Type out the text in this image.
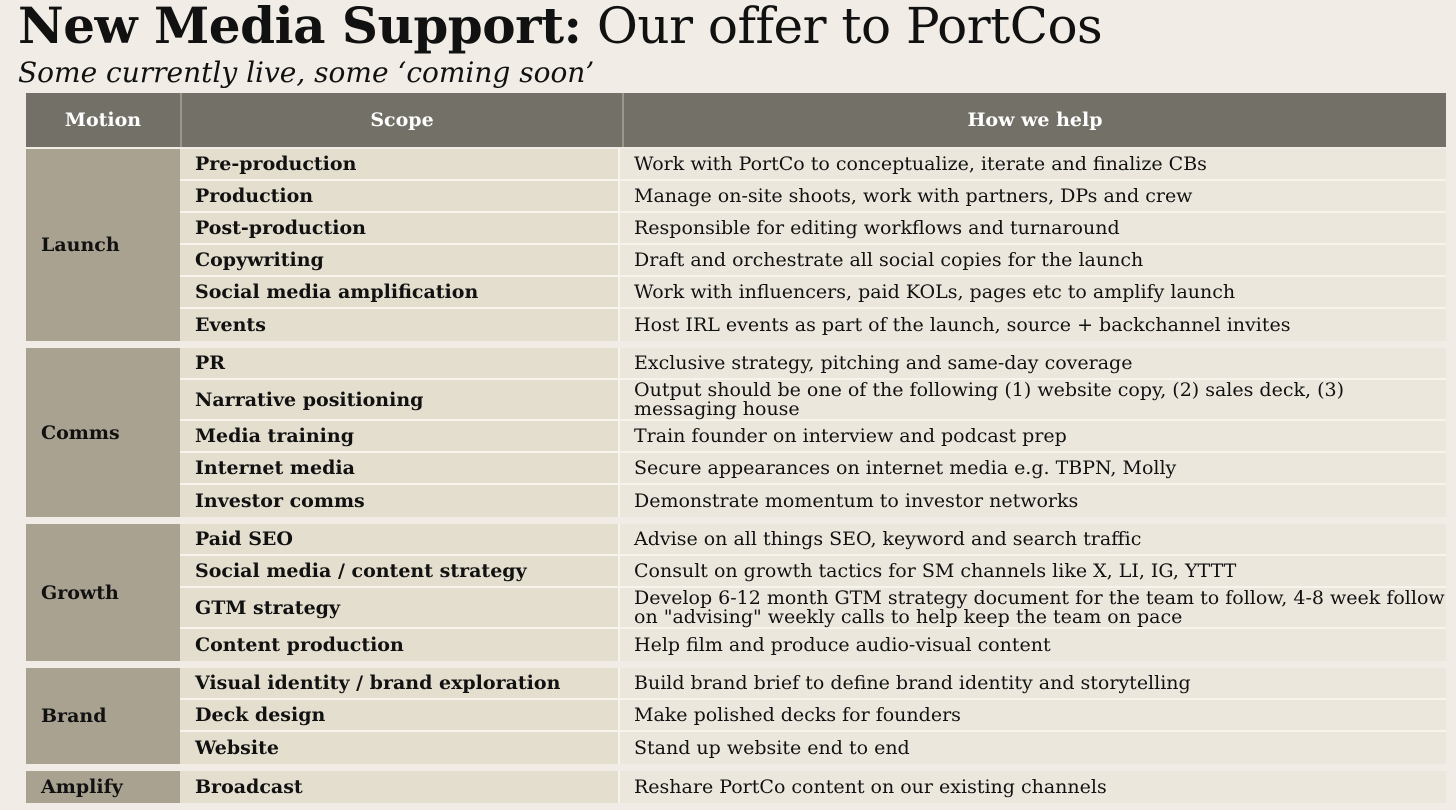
New Media Support: Our offer to PortCos
Some currently live, some ‘coming soon’
Motion	Scope	How we help
Launch
Pre-production	Work with PortCo to conceptualize, iterate and finalize CBs
Production	Manage on-site shoots, work with partners, DPs and crew
Post-production	Responsible for editing workflows and turnaround
Copywriting	Draft and orchestrate all social copies for the launch
Social media amplification	Work with influencers, paid KOLs, pages etc to amplify launch
Events	Host IRL events as part of the launch, source + backchannel invites
Comms
PR	Exclusive strategy, pitching and same-day coverage
Narrative positioning	Output should be one of the following (1) website copy, (2) sales deck, (3) messaging house
Media training	Train founder on interview and podcast prep
Internet media	Secure appearances on internet media e.g. TBPN, Molly
Investor comms	Demonstrate momentum to investor networks
Growth
Paid SEO	Advise on all things SEO, keyword and search traffic
Social media / content strategy	Consult on growth tactics for SM channels like X, LI, IG, YTTT
GTM strategy	Develop 6-12 month GTM strategy document for the team to follow, 4-8 week follow on "advising" weekly calls to help keep the team on pace
Content production	Help film and produce audio-visual content
Brand
Visual identity / brand exploration	Build brand brief to define brand identity and storytelling
Deck design	Make polished decks for founders
Website	Stand up website end to end
Amplify	Broadcast	Reshare PortCo content on our existing channels
